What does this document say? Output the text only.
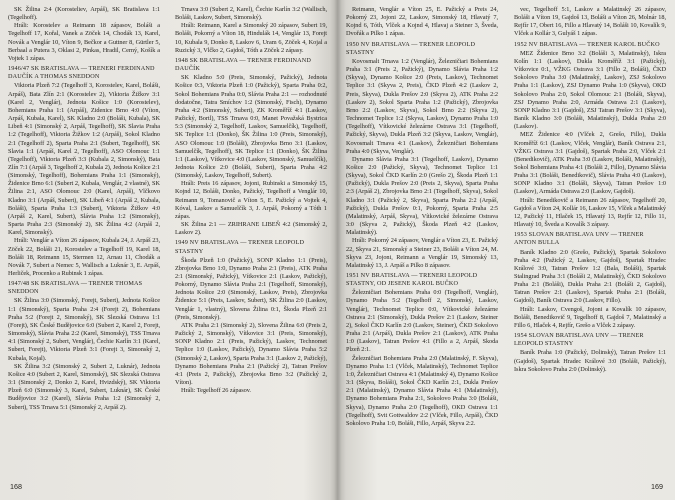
SK Žilina 2:4 (Korosteliev, Arpáš), SK Bratislava 1:1 (Tegelhoff).

Hráli: Korostelev a Reimann 18 zápasov, Boláši a Tegelhoff 17, Kořal, Vanek a Zöček 14, Chodák 13, Karel, Novák a Venglár 10, Víton 9, Bečkor a Guttner 8, Gürtler 5, Berbaal a Putera 3, Oklasi 2, Pinkas, Hradil, Cerný, Košík a Vojtek 1 zápas.

1946/47 SK BRATISLAVA — TRENERI FERDINAND DAUČÍK A THOMAS SNEDDON

Viktoria Plzeň 7:2 (Tegelhoff 3, Korostelev, Karel, Boláši, Arpáš), Bata Zlín 2:1 (Korostelev 2), Viktoria Žižkov 3:1 (Karel 2, Venglár), Jednota Košice 1:0 (Korostelev), Bohemians Praha 1:1 (Arpáš), Zidenice Brno 4:0 (Víton, Arpáš, Kubala, Karel), SK Kladno 2:0 (Boláši, Kubala), SK Libeň 4:1 (Simonský 2, Arpáš, Tegelhoff), SK Slavia Praha 1:2 (Tegelhoff), Viktoria Žižkov 1:2 (Arpáš), Sokol Kladno 2:1 (Tegelhoff 2), Sparta Praha 2:1 (Subert, Tegelhoff), SK Slavia 1:1 (Arpáš, Karel 2, Tegelhoff), ASO Olomouc 1:1 (Tegelhoff), Viktoria Plzeň 3:3 (Kubala 2, Simonský), Bata Zlín 7:1 (Arpáš 3, Tegelhoff 2, Kubala 2), Jednota Košice 2:1 (Simonský, Tegelhoff), Bohemians Praha 1:1 (Simonský), Židenice Brno 6:1 (Subert 2, Kubala, Venglár, 2 vlastné), SK Žilina 2:1, ASO Olomouc 2:0 (Karel, Arpáš), Vlčkovo Kladno 3:1 (Arpáš, Subert), SK Libeň 4:1 (Arpáš 2, Kubala, Boláši), Sparta Praha 1:3 (Subert), Viktoria Žižkov 4:0 (Arpáš 2, Karel, Subert), Slávia Praha 1:2 (Simonský), Sparta Praha 2:3 (Simonský 2), SK Žilina 4:2 (Arpáš 2, Karel, Simonský).

Hráli: Venglár a Víton 26 zápasov, Kubala 24, J. Arpáš 23, Zöček 22, Boláši 21, Korostelev a Tegelhoff 19, Karel 18, Boláši 18, Reimann 15, Stermen 12, Arnau 11, Chodák a Novák 7, Subert a Nemec 5, Wallisch a Luknár 3, E. Arpáš, Herliček, Procenko a Rubinsk 1 zápas.

1947/48 SK BRATISLAVA — TRENER THOMAS SNEDDON

SK Žilina 3:0 (Simonský, Forejt, Subert), Jednota Košice 1:1 (Simonský), Sparta Praha 2:4 (Forejt 2), Bohemians Praha 5:2 (Forejt 2, Simonský), SK Slezská Ostrava 1:1 (Forejt), SK České Budějovice 6:0 (Subert 2, Karel 2, Forejt, Simonský), Slávia Praha 2:2 (Karel, Simonský), TSS Trnava 4:1 (Simonský 2, Subert, Venglár), Čechie Karlín 3:1 (Karel, Subert, Forejt), Viktoria Plzeň 3:1 (Forejt 3, Simonský 2, Kubala, Kojal).

SK Žilina 3:2 (Simonský 2, Subert 2, Luknár), Jednota Košice 4:0 (Subert 2, Karel, Simonský), SK Slezská Ostrava 3:1 (Simonský 2, Donko 2, Karel, Hvizdský), SK Viktoria Plzeň 6:0 (Simonský 3, Karel, Subert, Luknár), SK České Budějovice 3:2 (Karel), Slávia Praha 1:2 (Simonský 2, Subert), TSS Trnava 5:1 (Simonský 2, Arpáš 2).

Trnava 3:0 (Subert 2, Karel), Čechie Karlín 3:2 (Wallisch, Boláši, Laskov, Subert, Simonský).

Hráli: Reimann, Karel a Simonský 20 zápasov, Subert 19, Boláši, Pokorný a Víton 18, Hindulák 14, Venglár 13, Forejt 10, Kubala 9, Donko 8, Laskov 6, Uram 6, Zöček 4, Kojal a Ruzický 3, Vlčko 2, Gajdoš, Tóth a Zöček 2 zápasy.

1948 SK BRATISLAVA — TRENER FERDINAND DAUČÍK

SK Kladno 5:0 (Preis, Simonský, Pažický), Jednota Košice 0:3, Viktoria Plzeň 1:0 (Pažický), Sparta Praha 0:2, Sokol Bohemians Praha 0:0, Slávia Praha 2:1 — rozhodnuté dodatočne, Tatra Smíchov 1:2 (Simonský, Fisch), Dynamo Praha 4:2 (Simonský, Subert), ZK Kroměříž 4:1 (Laskov, Pažický, Bortl), TSS Trnava 0:0, Manet Považská Bystrica 5:3 (Simonský 2, Tegelhoff, Laskov, Samuelčík), Tegelhoff, SK Teplice 1:1 (Donko), ŠK Žilina 1:0 (Preis, Simonský), ASO Olomouc 1:0 (Boláši), Zbrojovka Brno 3:1 (Laskov, Samuelčík, Tegelhoff), SK Teplice 1:1 (Donko), ŠK Žilina 1:1 (Laskov), Vítkovice 4:0 (Laskov, Simonský, Samuelčík), Jednota Košice 2:0 (Boláši, Subert), Sparta Praha 4:2 (Simonský, Laskov, Tegelhoff, Subert).

Hráli: Preis 16 zápasov, Jojoni, Rubinski a Simonský 15, Kojnd 12, Boláši, Donko, Pažický, Tegelhoff a Venglár 10, Reimann 9, Tomanovič a Víton 5, E. Pažický a Vojtek 4, Kóval, Laskov a Samuelčík 3, J. Arpáš, Pokorný a Tóth 1 zápas.

SK Žilina 2:1 — ZRIHRANE LIBEŇ 4:2 (Simonský 2, Laskov 2).

1949 NV BRATISLAVA — TRENER LEOPOLD STASTNY

Škoda Plzeň 1:0 (Pažický), SONP Kladno 1:1 (Preis), Zbrojovka Brno 1:0, Dynamo Praha 2:1 (Preis), ATK Praha 2:1 (Simonský, Pažický), Vítkovice 2:1 (Laskov, Pažický), Pokorný, Dynamo Slávia Praha 2:1 (Tegelhoff, Simonský), Jednota Košice 2:0 (Simonský, Laskov, Preis), Zbrojovka Židenice 5:1 (Preis, Laskov, Subert), SK Žilina 2:0 (Laskov, Venglár 1, vlastný), Slovena Žilina 0:1, Škoda Plzeň 2:1 (Preis, Simonský).

ATK Praha 2:1 (Simonský 2), Slovena Žilina 6:0 (Preis 2, Pažický 2, Simonský), Vítkovice 3:1 (Preis, Simonský), SONP Kladno 2:1 (Preis, Pažický), Laskov, Technomet Teplice 1:0 (Laskov, Pažický), Dynamo Slávia Praha 5:2 (Simonský 2, Laskov), Sparta Praha 3:1 (Laskov 2, Pažický), Dynamo Bohemians Praha 2:1 (Pažický 2), Tatran Prešov 4:1 (Preis 2, Pažický), Zbrojovka Brno 3:2 (Pažický 2, Víton).

Hráli: Tegelhoff 26 zápasov.

168

Reimann, Venglár a Víton 25, E. Pažický a Preis 24, Pokorný 23, Jojoni 22, Laskov, Simonský 18, Hlavatý 7, Kojnd 6, Tóth, Vlček a Kojnd 4, Hlavaj a Steiner 3, Šveda, Dvořák a Pilko 1 zápas.

1950 NV BRATISLAVA — TRENER LEOPOLD STASTNY

Kovosmalt Trnava 1:2 (Venglár), Železničiari Bohemians Praha 3:1 (Preis 2, Pažický), Dynamo Slávia Praha 1:2 (Skyva), Dynamo Košice 2:0 (Preis, Laskov), Technomet Teplice 3:1 (Skyva 2, Preis), ČKD Plzeň 4:2 (Laskov 2, Preis, Skyva), Dukla Prešov 2:0 (Skyva 2), ATK Praha 2:2 (Laskov 2), Sokol Sparta Praha 1:2 (Pažický), Zbrojovka Brno 2:2 (Laskov, Skyva), Sokol Brno 2:2 (Skyva 2), Technomet Teplice 1:2 (Skyva, Laskov), Dynamo Praha 1:0 (Tegelhoff), Vítkovické železárne Ostrava 3:1 (Tegelhoff, Pažický, Skyva), Dukla Plzeň 3:2 (Skyva, Laskov, Venglár), Kovosmalt Trnava 4:1 (Laskov), Železničiari Bohemians Praha 4:0 (Skyva, Venglár).

Dynamo Slávia Praha 3:1 (Tegelhoff, Laskov), Dynamo Košice 2:0 (Pažický, Skyva), Technomet Teplice 1:1 (Skyva), Sokol ČKD Karlín 2:0 (Grešo 2), Škoda Plzeň 1:1 (Pažický), Dukla Prešov 2:0 (Preis 2, Skyva), Sparta Praha 2:3 (Arpáš 2), Zbrojovka Brno 2:1 (Tegelhoff, Skyva), Sokol Kladno 3:1 (Pažický 2, Skyva), Sparta Praha 2:2 (Arpáš, Pažický), Dukla Prešov 0:1, Pokorný, Sparta Praha 2:5 (Malatinský, Arpáš, Skyva), Vítkovické železárne Ostrava 3:0 (Skyva 2, Pažický), Škoda Plzeň 4:2 (Laskov, Malatinský).

Hráli: Pokorný 24 zápasov, Venglár a Víton 23, E. Pažický 22, Skyva 21, Simonský a Steiner 23, Boláši a Víton 24, M. Skyva 23, Jojoni, Reimann a Venglár 19, Simonský 13, Malatinský 13, J. Arpáš a Pilko 8 zápasov.

1951 NV BRATISLAVA — TRENERI LEOPOLD STASTNY, OD JESENE KAROL BUČKO

Železničiari Bohemians Praha 0:0 (Tegelhoff, Venglár), Dynamo Praha 5:2 (Tegelhoff 2, Simonský, Laskov, Venglár), Technomet Teplice 0:0, Vítkovické železárne Ostrava 2:1 (Simonský), Dukla Prešov 2:1 (Laskov, Steiner 2), Sokol ČKD Karlín 2:0 (Laskov, Steiner), ČKD Sokolovo Praha 2:1 (Arpáš), Dukla Prešov 2:1 (Laskov), ATK Praha 1:0 (Laskov), Tatran Prešov 4:1 (Fillo a 2, Arpáš, Skoda Plzeň 2:1.

Železničiari Bohemians Praha 2:0 (Malatinský, F. Skyva), Dynamo Praha 1:1 (Vlček, Malatinský), Technomet Teplice 1:0, Železničiari Ostrava 4:1 (Malatinský 4), Dynamo Košice 3:1 (Skyva, Boláši), Sokol ČKD Karlín 2:1, Dukla Prešov 2:1 (Malatinský), Dynamo Slávia Praha 4:1 (Malatinský), Dynamo Bohemians Praha 2:1, Sokolovo Praha 3:0 (Boláši, Skyva), Dynamo Praha 2:0 (Tegelhoff), OKD Ostrava 1:1 (Tegelhoff), Svit Gottwaldov 2:2 (Vlček, Fillo, Arpáš), ČKD Sokolovo Praha 1:0, Boláši, Fillo, Arpáš, Skyva 2:2.

vec, Tegelhoff 5:1, Laskov a Malatinský 26 zápasov, Boláši a Víton 19, Gajdoš 13, Boláši a Víton 26, Molnár 18, Rejfír 17, Obert 16, Fillo a Hlavatý 14, Boláši 10, Kovalík 9, Vlček a Kollár 3, Gulyáš 1 zápas.

1952 NV BRATISLAVA — TRENER KAROL BUČKO

MEZ Židenice Brno 3:2 (Boláši 3, Malatinský), Iskra Kolín 1:1 (Laskov), Dukla Kroměříž 3:1 (Pažický), Vítkovice 0:1, VŽKG Ostrava 3:1 (Fillo 2, Boláši), ČKD Sokolovo Praha 3:0 (Malatinský, Laskov), ZSJ Sokolovo Praha 1:1 (Laskov), ZSJ Dynamo Praha 1:0 (Skyva), OKD Sokolovo Praha 2:0, Sokol Olomouc 2:1 (Boláši, Skyva), ZSJ Dynamo Praha 2:0, Armáda Ostrava 2:1 (Laskov), SONP Kladno 3:1 (Gajdoš), ZSJ Tatran Prešov 3:1 (Skyva), Baník Kladno 3:0 (Boláši, Malatinský), Dukla Praha 2:0 (Laskov).

MEZ Židenice 4:0 (Vlček 2, Grešo, Fillo), Dukla Kroměříž 6:1 (Laskov, Vlček, Venglár), Baník Ostrava 2:1, VŽKG Ostrava 3:1 (Gajdoš), Spartak Praha 2:0, Vlček 2:1 (Benedikovič), ATK Praha 3:0 (Laskov, Boláši, Malatinský), Sokol Bohemians Praha 4:1 (Boláši 2, Fillo), Dynamo Slávia Praha 3:1 (Boláši, Benedikovič), Slávia Praha 4:0 (Laskov), SONP Kladno 3:1 (Boláši, Skyva), Tatran Prešov 1:0 (Laskov), Armáda Ostrava 2:0 (Laskov, Gajdoš).

Hráli: Benedikovič a Reimann 26 zápasov, Tegelhoff 20, Gajdoš a Víton 24, Kollár 16, Laskov 15, Vlček a Malatinský 12, Pažický 11, Hlaček 15, Hlavatý 13, Rejfír 12, Fillo 11, Hlavatý 10, Šveda a Kovalík 3 zápasy.

1953 SLOVAN BRATISLAVA UNV — TRENER ANTON BULLA

Baník Kladno 2:0 (Grešo, Pažický), Spartak Sokolovo Praha 4:2 (Pažický 2, Laskov, Gajdoš), Spartak Hradec Králové 3:0, Tatran Prešov 1:2 (Bala, Boláši), Spartak Stalingrad Praha 3:1 (Boláši 2, Malatinský), ČKD Sokolovo Praha 2:1 (Boláši), Dukla Praha 2:1 (Boláši 2, Gajdoš), Tatran Prešov 2:1 (Laskov), Spartak Praha 2:1 (Boláši, Gajdoš), Baník Ostrava 2:0 (Laskov, Fillo).

Hráli: Laskov, Cvengoš, Jojoni a Kovalík 10 zápasov, Boláši, Benedikovič 9, Tegelhoff 8, Gajdoš 7, Malatinský a Fillo 6, Hlaček 4, Rejfír, Grešo a Vlček 2 zápasy.

1954 SLOVAN BRATISLAVA UNV — TRENER LEOPOLD STASTNY

Baník Praha 1:0 (Pažický, Dolinský), Tatran Prešov 1:1 (Gajdoš), Spartak Hradec Králové 3:0 (Boláši, Pažický), Iskra Sokolovo Praha 2:0 (Dolinský).

169
